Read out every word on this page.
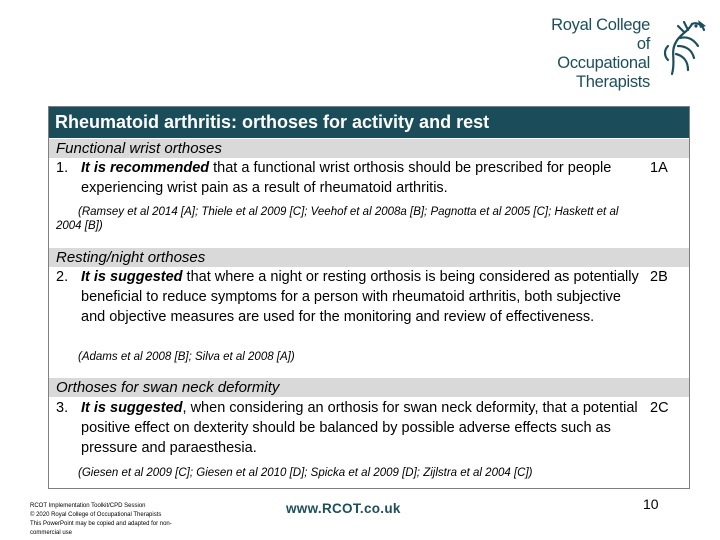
Royal College of
Occupational
Therapists
Rheumatoid arthritis: orthoses for activity and rest
Functional wrist orthoses
1. It is recommended that a functional wrist orthosis should be prescribed for people experiencing wrist pain as a result of rheumatoid arthritis.
1A
(Ramsey et al 2014 [A]; Thiele et al 2009 [C]; Veehof et al 2008a [B]; Pagnotta et al 2005 [C]; Haskett et al 2004 [B])
Resting/night orthoses
2. It is suggested that where a night or resting orthosis is being considered as potentially beneficial to reduce symptoms for a person with rheumatoid arthritis, both subjective and objective measures are used for the monitoring and review of effectiveness.
2B
(Adams et al 2008 [B]; Silva et al 2008 [A])
Orthoses for swan neck deformity
3. It is suggested, when considering an orthosis for swan neck deformity, that a potential positive effect on dexterity should be balanced by possible adverse effects such as pressure and paraesthesia.
2C
(Giesen et al 2009 [C]; Giesen et al 2010 [D]; Spicka et al 2009 [D]; Zijlstra et al 2004 [C])
RCOT Implementation Toolkit/CPD Session
© 2020 Royal College of Occupational Therapists
This PowerPoint may be copied and adapted for non-
commercial use
www.RCOT.co.uk	10
